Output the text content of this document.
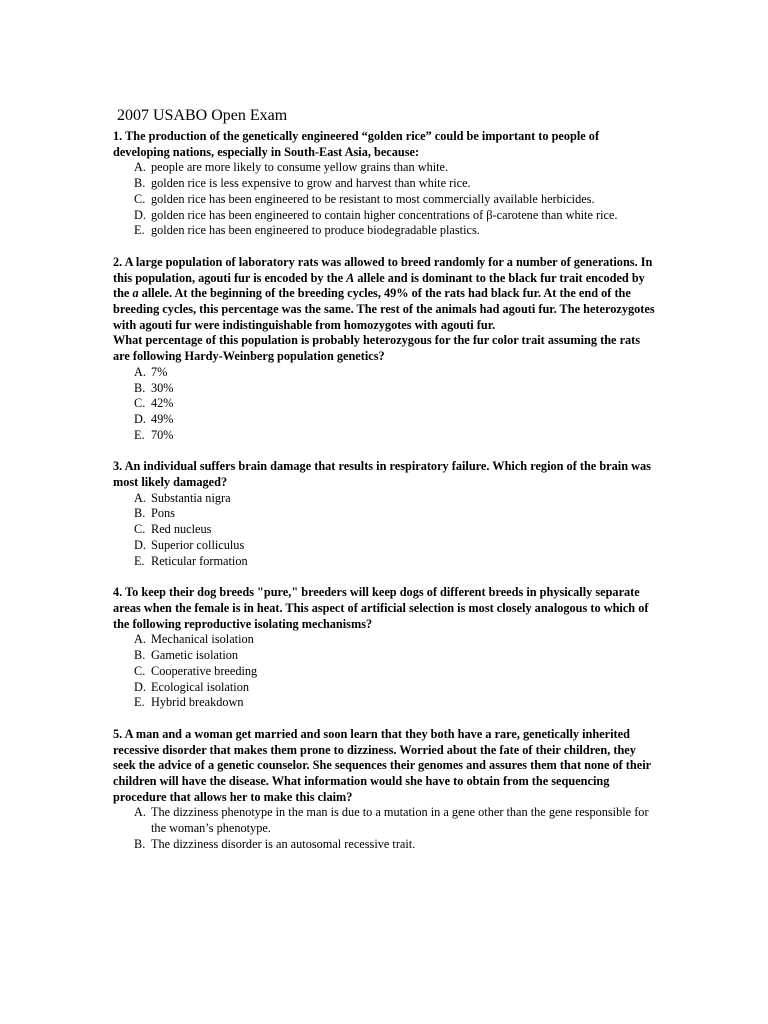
2007 USABO Open Exam

1. The production of the genetically engineered “golden rice” could be important to people of developing nations, especially in South-East Asia, because:

A. people are more likely to consume yellow grains than white.
B. golden rice is less expensive to grow and harvest than white rice.
C. golden rice has been engineered to be resistant to most commercially available herbicides.
D. golden rice has been engineered to contain higher concentrations of β-carotene than white rice.
E. golden rice has been engineered to produce biodegradable plastics.

2. A large population of laboratory rats was allowed to breed randomly for a number of generations. In this population, agouti fur is encoded by the A allele and is dominant to the black fur trait encoded by the a allele. At the beginning of the breeding cycles, 49% of the rats had black fur. At the end of the breeding cycles, this percentage was the same. The rest of the animals had agouti fur. The heterozygotes with agouti fur were indistinguishable from homozygotes with agouti fur.
What percentage of this population is probably heterozygous for the fur color trait assuming the rats are following Hardy-Weinberg population genetics?

A. 7%
B. 30%
C. 42%
D. 49%
E. 70%

3. An individual suffers brain damage that results in respiratory failure. Which region of the brain was most likely damaged?

A. Substantia nigra
B. Pons
C. Red nucleus
D. Superior colliculus
E. Reticular formation

4. To keep their dog breeds "pure," breeders will keep dogs of different breeds in physically separate areas when the female is in heat. This aspect of artificial selection is most closely analogous to which of the following reproductive isolating mechanisms?

A. Mechanical isolation
B. Gametic isolation
C. Cooperative breeding
D. Ecological isolation
E. Hybrid breakdown

5. A man and a woman get married and soon learn that they both have a rare, genetically inherited recessive disorder that makes them prone to dizziness. Worried about the fate of their children, they seek the advice of a genetic counselor. She sequences their genomes and assures them that none of their children will have the disease. What information would she have to obtain from the sequencing procedure that allows her to make this claim?

A. The dizziness phenotype in the man is due to a mutation in a gene other than the gene responsible for the woman’s phenotype.
B. The dizziness disorder is an autosomal recessive trait.
